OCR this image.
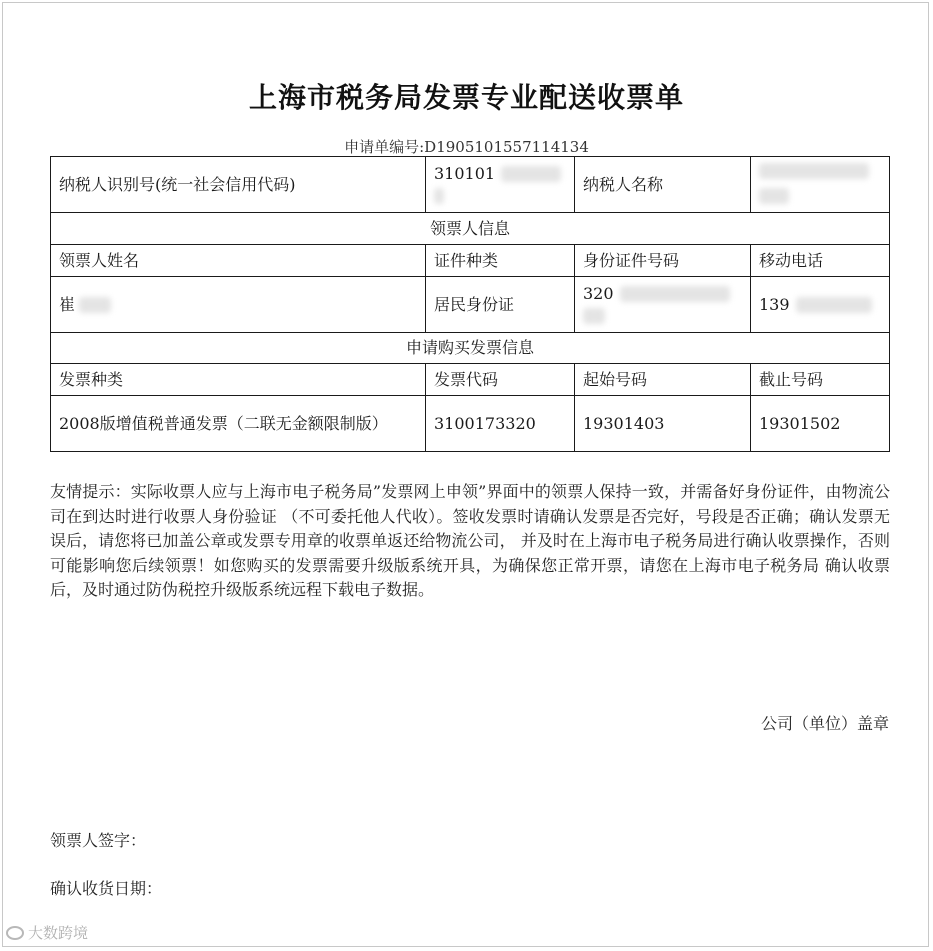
上海市税务局发票专业配送收票单
申请单编号:D1905101557114134
纳税人识别号(统一社会信用代码)	310101	纳税人名称	

领票人信息			
领票人姓名	证件种类	身份证件号码	移动电话
崔	居民身份证	320	139
申请购买发票信息			
发票种类	发票代码	起始号码	截止号码
2008版增值税普通发票（二联无金额限制版）	3100173320	19301403	19301502
友情提示：实际收票人应与上海市电子税务局”发票网上申领”界面中的领票人保持一致，并需备好身份证件，由物流公司在到达时进行收票人身份验证 （不可委托他人代收）。签收发票时请确认发票是否完好，号段是否正确；确认发票无误后，请您将已加盖公章或发票专用章的收票单返还给物流公司， 并及时在上海市电子税务局进行确认收票操作，否则可能影响您后续领票！如您购买的发票需要升级版系统开具，为确保您正常开票，请您在上海市电子税务局 确认收票后，及时通过防伪税控升级版系统远程下载电子数据。
公司（单位）盖章
领票人签字：
确认收货日期：
大数跨境
